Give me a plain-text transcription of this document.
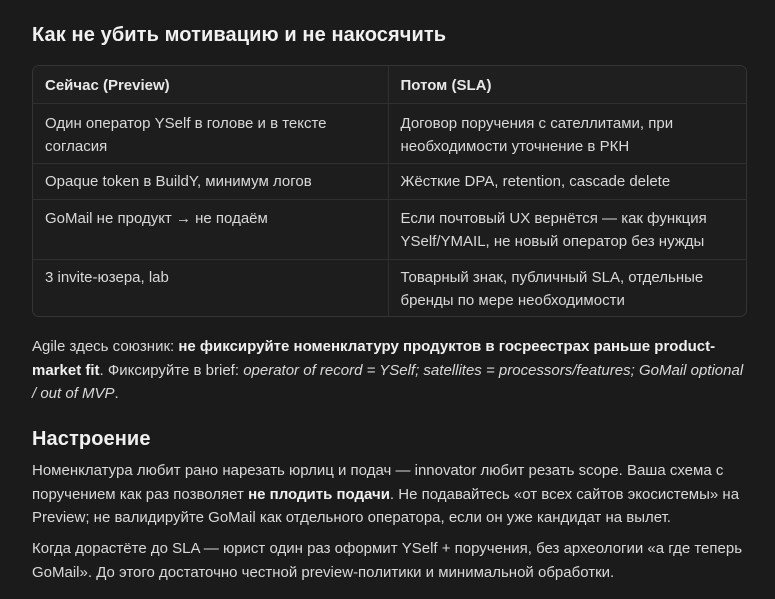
Как не убить мотивацию и не накосячить
Сейчас (Preview)	Потом (SLA)
Один оператор YSelf в голове и в тексте согласия	Договор поручения с сателлитами, при необходимости уточнение в РКН
Opaque token в BuildY, минимум логов	Жёсткие DPA, retention, cascade delete
GoMail не продукт → не подаём	Если почтовый UX вернётся — как функция YSelf/YMAIL, не новый оператор без нужды
3 invite-юзера, lab	Товарный знак, публичный SLA, отдельные бренды по мере необходимости

Agile здесь союзник: не фиксируйте номенклатуру продуктов в госреестрах раньше product-market fit. Фиксируйте в brief: operator of record = YSelf; satellites = processors/features; GoMail optional / out of MVP.

Настроение

Номенклатура любит рано нарезать юрлиц и подач — innovator любит резать scope. Ваша схема с поручением как раз позволяет не плодить подачи. Не подавайтесь «от всех сайтов экосистемы» на Preview; не валидируйте GoMail как отдельного оператора, если он уже кандидат на вылет.

Когда дорастёте до SLA — юрист один раз оформит YSelf + поручения, без археологии «а где теперь GoMail». До этого достаточно честной preview-политики и минимальной обработки.
